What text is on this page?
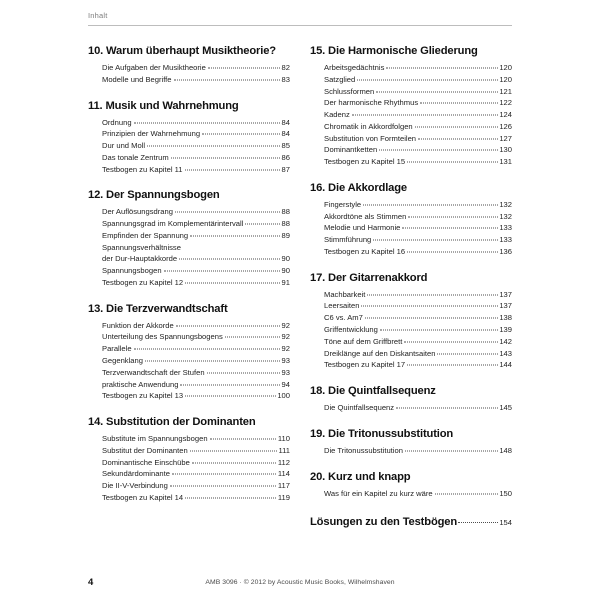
Inhalt
10. Warum überhaupt Musiktheorie?
Die Aufgaben der Musiktheorie	82
Modelle und Begriffe	83
11. Musik und Wahrnehmung
Ordnung	84
Prinzipien der Wahrnehmung	84
Dur und Moll	85
Das tonale Zentrum	86
Testbogen zu Kapitel 11	87
12. Der Spannungsbogen
Der Auflösungsdrang	88
Spannungsgrad im Komplementärintervall	88
Empfinden der Spannung	89
Spannungsverhältnisse
der Dur-Hauptakkorde	90
Spannungsbogen	90
Testbogen zu Kapitel 12	91
13. Die Terzverwandtschaft
Funktion der Akkorde	92
Unterteilung des Spannungsbogens	92
Parallele	92
Gegenklang	93
Terzverwandtschaft der Stufen	93
praktische Anwendung	94
Testbogen zu Kapitel 13	100
14. Substitution der Dominanten
Substitute im Spannungsbogen	110
Substitut der Dominanten	111
Dominantische Einschübe	112
Sekundärdominante	114
Die II-V-Verbindung	117
Testbogen zu Kapitel 14	119
15. Die Harmonische Gliederung
Arbeitsgedächtnis	120
Satzglied	120
Schlussformen	121
Der harmonische Rhythmus	122
Kadenz	124
Chromatik in Akkordfolgen	126
Substitution von Formteilen	127
Dominantketten	130
Testbogen zu Kapitel 15	131
16. Die Akkordlage
Fingerstyle	132
Akkordtöne als Stimmen	132
Melodie und Harmonie	133
Stimmführung	133
Testbogen zu Kapitel 16	136
17. Der Gitarrenakkord
Machbarkeit	137
Leersaiten	137
C6 vs. Am7	138
Griffentwicklung	139
Töne auf dem Griffbrett	142
Dreiklänge auf den Diskantsaiten	143
Testbogen zu Kapitel 17	144
18. Die Quintfallsequenz
Die Quintfallsequenz	145
19. Die Tritonussubstitution
Die Tritonussubstitution	148
20. Kurz und knapp
Was für ein Kapitel zu kurz wäre	150
Lösungen zu den Testbögen	154
4	AMB 3096 · © 2012 by Acoustic Music Books, Wilhelmshaven
